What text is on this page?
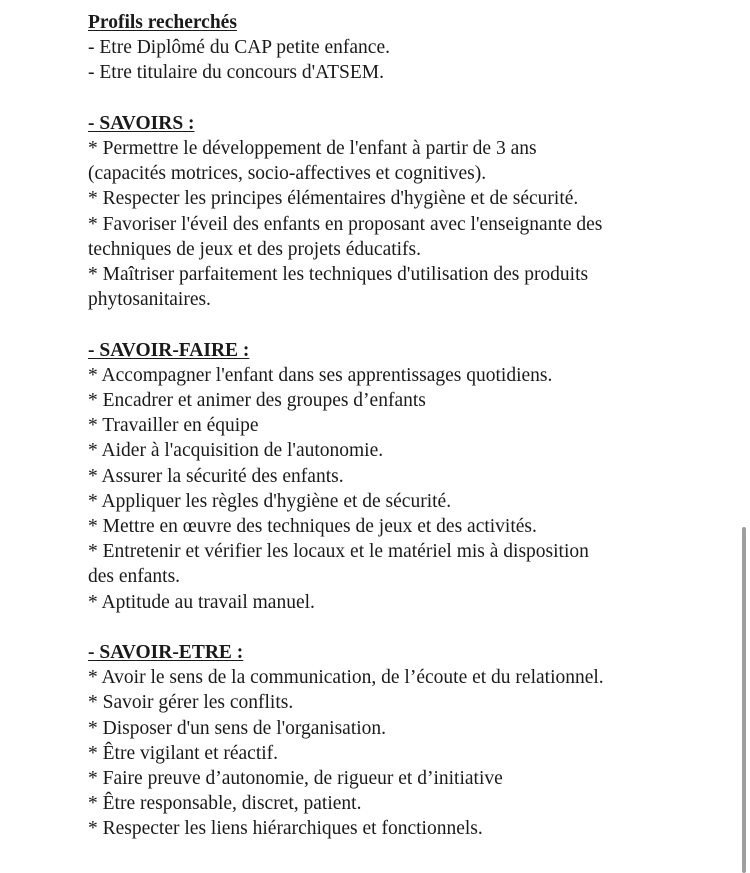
Profils recherchés
- Etre Diplômé du CAP petite enfance.
- Etre titulaire du concours d'ATSEM.
- SAVOIRS :
* Permettre le développement de l'enfant à partir de 3 ans
(capacités motrices, socio-affectives et cognitives).
* Respecter les principes élémentaires d'hygiène et de sécurité.
* Favoriser l'éveil des enfants en proposant avec l'enseignante des
techniques de jeux et des projets éducatifs.
* Maîtriser parfaitement les techniques d'utilisation des produits
phytosanitaires.
- SAVOIR-FAIRE :
* Accompagner l'enfant dans ses apprentissages quotidiens.
* Encadrer et animer des groupes d’enfants
* Travailler en équipe
* Aider à l'acquisition de l'autonomie.
* Assurer la sécurité des enfants.
* Appliquer les règles d'hygiène et de sécurité.
* Mettre en œuvre des techniques de jeux et des activités.
* Entretenir et vérifier les locaux et le matériel mis à disposition
des enfants.
* Aptitude au travail manuel.
- SAVOIR-ETRE :
* Avoir le sens de la communication, de l’écoute et du relationnel.
* Savoir gérer les conflits.
* Disposer d'un sens de l'organisation.
* Être vigilant et réactif.
* Faire preuve d’autonomie, de rigueur et d’initiative
* Être responsable, discret, patient.
* Respecter les liens hiérarchiques et fonctionnels.
